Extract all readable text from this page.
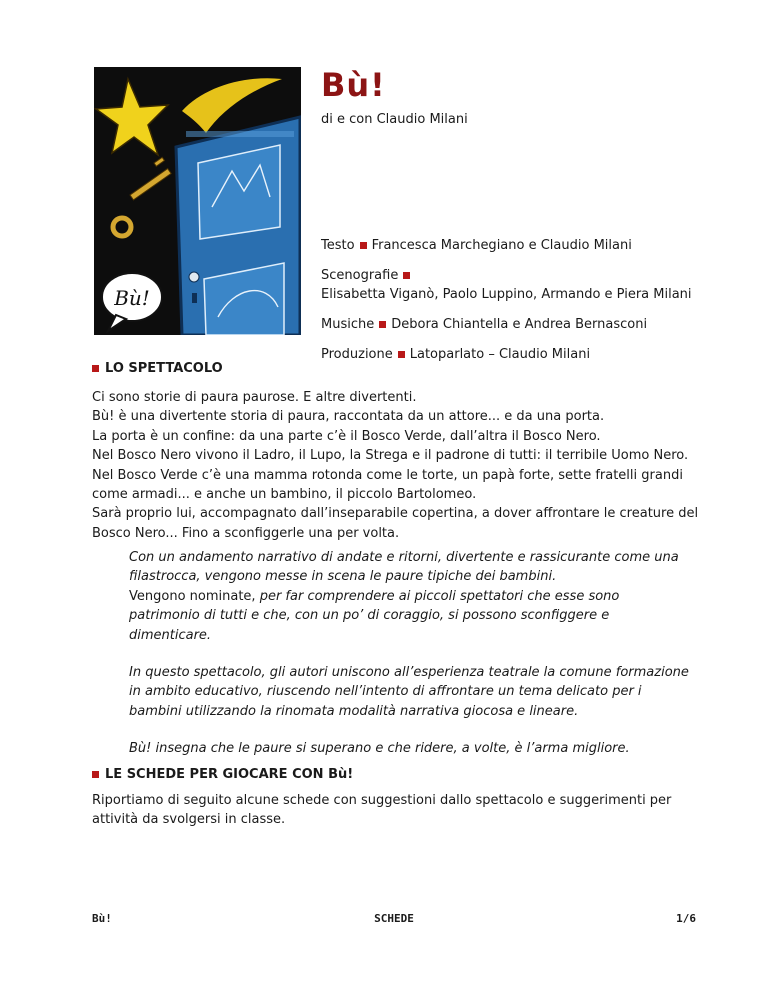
Bù!
Bù!
di e con Claudio Milani
Testo Francesca Marchegiano e Claudio Milani
Scenografie
Elisabetta Viganò, Paolo Luppino, Armando e Piera Milani
Musiche Debora Chiantella e Andrea Bernasconi
Produzione Latoparlato – Claudio Milani
LO SPETTACOLO
Ci sono storie di paura paurose. E altre divertenti.
Bù! è una divertente storia di paura, raccontata da un attore... e da una porta.
La porta è un confine: da una parte c’è il Bosco Verde, dall’altra il Bosco Nero.
Nel Bosco Nero vivono il Ladro, il Lupo, la Strega e il padrone di tutti: il terribile Uomo Nero.
Nel Bosco Verde c’è una mamma rotonda come le torte, un papà forte, sette fratelli grandi come armadi... e anche un bambino, il piccolo Bartolomeo.
Sarà proprio lui, accompagnato dall’inseparabile copertina, a dover affrontare le creature del Bosco Nero... Fino a sconfiggerle una per volta.

Con un andamento narrativo di andate e ritorni, divertente e rassicurante come una filastrocca, vengono messe in scena le paure tipiche dei bambini.
Vengono nominate, per far comprendere ai piccoli spettatori che esse sono patrimonio di tutti e che, con un po’ di coraggio, si possono sconfiggere e dimenticare.

In questo spettacolo, gli autori uniscono all’esperienza teatrale la comune formazione in ambito educativo, riuscendo nell’intento di affrontare un tema delicato per i bambini utilizzando la rinomata modalità narrativa giocosa e lineare.

Bù! insegna che le paure si superano e che ridere, a volte, è l’arma migliore.

LE SCHEDE PER GIOCARE CON Bù!
Riportiamo di seguito alcune schede con suggestioni dallo spettacolo e suggerimenti per attività da svolgersi in classe.
Bù!	SCHEDE	1/6
